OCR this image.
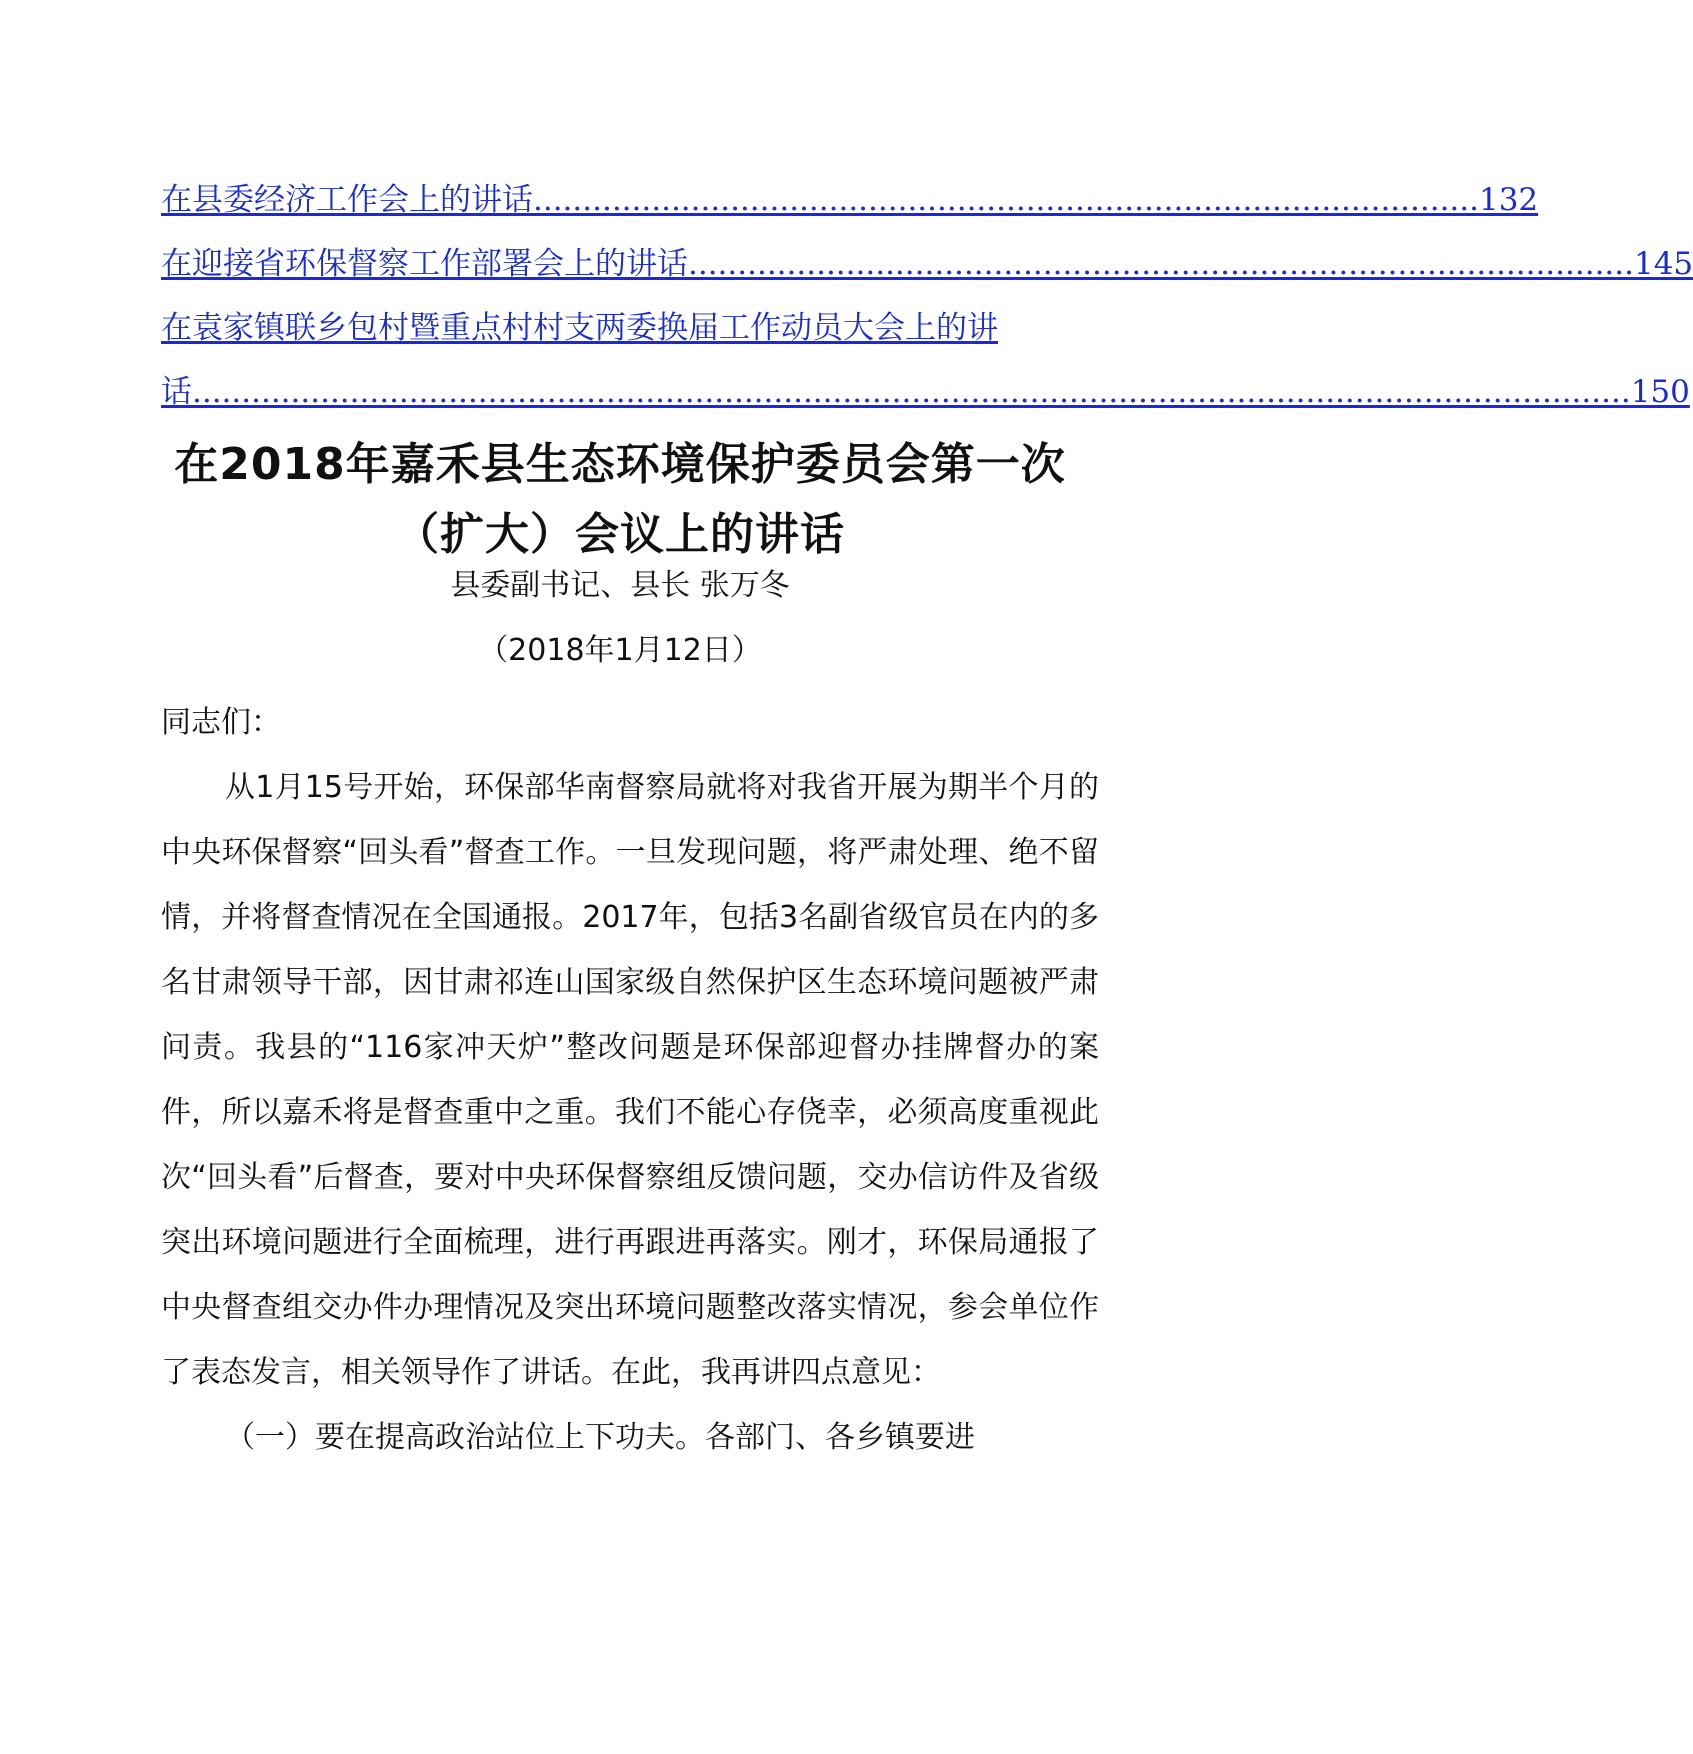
在县委经济工作会上的讲话 ................................................................................................ 132
在迎接省环保督察工作部署会上的讲话 ................................................................................................ 145
在袁家镇联乡包村暨重点村村支两委换届工作动员大会上的讲
话 .................................................................................................................................................. 150
在2018年嘉禾县生态环境保护委员会第一次
（扩大）会议上的讲话
县委副书记、县长 张万冬
（2018年1月12日）

同志们：

从1月15号开始，环保部华南督察局就将对我省开展为期半个月的中央环保督察“回头看”督查工作。一旦发现问题，将严肃处理、绝不留情，并将督查情况在全国通报。2017年，包括3名副省级官员在内的多名甘肃领导干部，因甘肃祁连山国家级自然保护区生态环境问题被严肃问责。我县的“116家冲天炉”整改问题是环保部迎督办挂牌督办的案件，所以嘉禾将是督查重中之重。我们不能心存侥幸，必须高度重视此次“回头看”后督查，要对中央环保督察组反馈问题，交办信访件及省级突出环境问题进行全面梳理，进行再跟进再落实。刚才，环保局通报了中央督查组交办件办理情况及突出环境问题整改落实情况，参会单位作了表态发言，相关领导作了讲话。在此，我再讲四点意见：

（一）要在提高政治站位上下功夫。各部门、各乡镇要进
